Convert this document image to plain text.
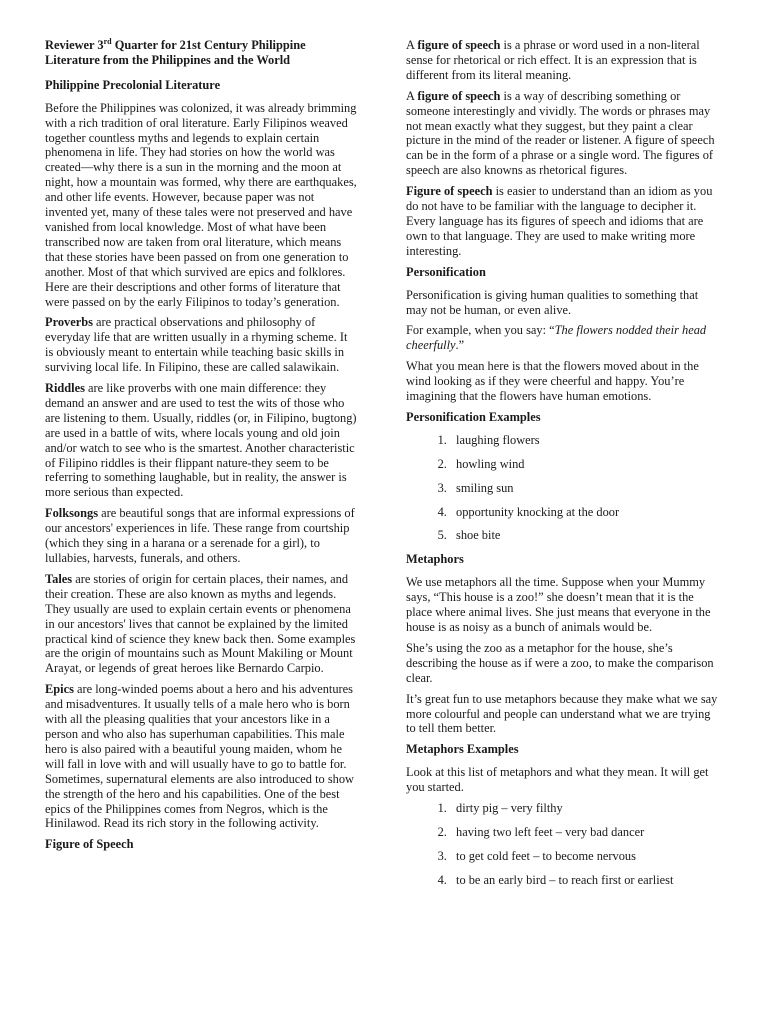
Reviewer 3rd Quarter for 21st Century Philippine Literature from the Philippines and the World

Philippine Precolonial Literature

Before the Philippines was colonized, it was already brimming with a rich tradition of oral literature. Early Filipinos weaved together countless myths and legends to explain certain phenomena in life. They had stories on how the world was created—why there is a sun in the morning and the moon at night, how a mountain was formed, why there are earthquakes, and other life events. However, because paper was not invented yet, many of these tales were not preserved and have vanished from local knowledge. Most of what have been transcribed now are taken from oral literature, which means that these stories have been passed on from one generation to another. Most of that which survived are epics and folklores. Here are their descriptions and other forms of literature that were passed on by the early Filipinos to today’s generation.

Proverbs are practical observations and philosophy of everyday life that are written usually in a rhyming scheme. It is obviously meant to entertain while teaching basic skills in surviving local life. In Filipino, these are called salawikain.

Riddles are like proverbs with one main difference: they demand an answer and are used to test the wits of those who are listening to them. Usually, riddles (or, in Filipino, bugtong) are used in a battle of wits, where locals young and old join and/or watch to see who is the smartest. Another characteristic of Filipino riddles is their flippant nature-they seem to be referring to something laughable, but in reality, the answer is more serious than expected.

Folksongs are beautiful songs that are informal expressions of our ancestors' experiences in life. These range from courtship (which they sing in a harana or a serenade for a girl), to lullabies, harvests, funerals, and others.

Tales are stories of origin for certain places, their names, and their creation. These are also known as myths and legends. They usually are used to explain certain events or phenomena in our ancestors' lives that cannot be explained by the limited practical kind of science they knew back then. Some examples are the origin of mountains such as Mount Makiling or Mount Arayat, or legends of great heroes like Bernardo Carpio.

Epics are long-winded poems about a hero and his adventures and misadventures. It usually tells of a male hero who is born with all the pleasing qualities that your ancestors like in a person and who also has superhuman capabilities. This male hero is also paired with a beautiful young maiden, whom he will fall in love with and will usually have to go to battle for. Sometimes, supernatural elements are also introduced to show the strength of the hero and his capabilities. One of the best epics of the Philippines comes from Negros, which is the Hinilawod. Read its rich story in the following activity.

Figure of Speech

A figure of speech is a phrase or word used in a non-literal sense for rhetorical or rich effect. It is an expression that is different from its literal meaning.

A figure of speech is a way of describing something or someone interestingly and vividly. The words or phrases may not mean exactly what they suggest, but they paint a clear picture in the mind of the reader or listener. A figure of speech can be in the form of a phrase or a single word. The figures of speech are also knowns as rhetorical figures.

Figure of speech is easier to understand than an idiom as you do not have to be familiar with the language to decipher it. Every language has its figures of speech and idioms that are own to that language. They are used to make writing more interesting.

Personification

Personification is giving human qualities to something that may not be human, or even alive.

For example, when you say: “The flowers nodded their head cheerfully.”

What you mean here is that the flowers moved about in the wind looking as if they were cheerful and happy. You’re imagining that the flowers have human emotions.

Personification Examples
1. laughing flowers
2. howling wind
3. smiling sun
4. opportunity knocking at the door
5. shoe bite
Metaphors

We use metaphors all the time. Suppose when your Mummy says, “This house is a zoo!” she doesn’t mean that it is the place where animal lives. She just means that everyone in the house is as noisy as a bunch of animals would be.

She’s using the zoo as a metaphor for the house, she’s describing the house as if were a zoo, to make the comparison clear.

It’s great fun to use metaphors because they make what we say more colourful and people can understand what we are trying to tell them better.

Metaphors Examples

Look at this list of metaphors and what they mean. It will get you started.

1. dirty pig – very filthy
2. having two left feet – very bad dancer
3. to get cold feet – to become nervous
4. to be an early bird – to reach first or earliest
